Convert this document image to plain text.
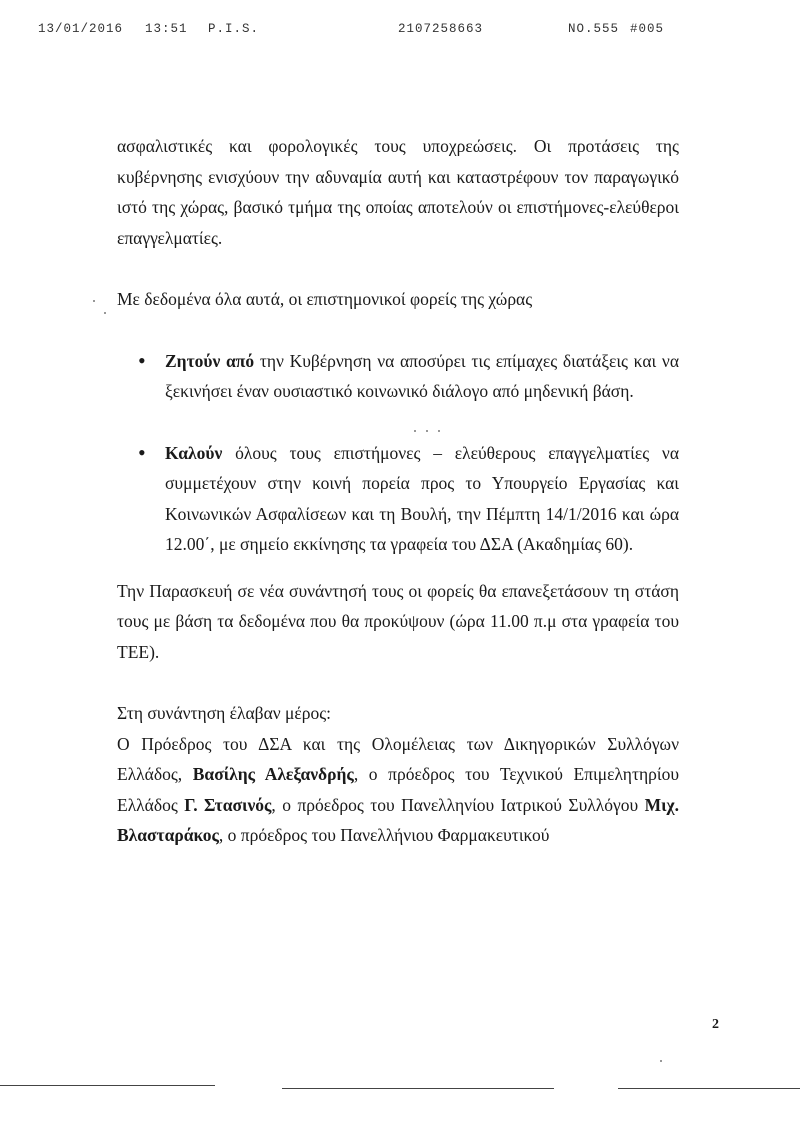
13/01/2016 13:51 P.I.S.	2107258663	NO.555 #005

ασφαλιστικές και φορολογικές τους υποχρεώσεις. Οι προτάσεις της κυβέρνησης ενισχύουν την αδυναμία αυτή και καταστρέφουν τον παραγωγικό ιστό της χώρας, βασικό τμήμα της οποίας αποτελούν οι επιστήμονες-ελεύθεροι επαγγελματίες.

Με δεδομένα όλα αυτά, οι επιστημονικοί φορείς της χώρας

• Ζητούν από την Κυβέρνηση να αποσύρει τις επίμαχες διατάξεις και να ξεκινήσει έναν ουσιαστικό κοινωνικό διάλογο από μηδενική βάση.
• Καλούν όλους τους επιστήμονες – ελεύθερους επαγγελματίες να συμμετέχουν στην κοινή πορεία προς το Υπουργείο Εργασίας και Κοινωνικών Ασφαλίσεων και τη Βουλή, την Πέμπτη 14/1/2016 και ώρα 12.00΄, με σημείο εκκίνησης τα γραφεία του ΔΣΑ (Ακαδημίας 60).

Την Παρασκευή σε νέα συνάντησή τους οι φορείς θα επανεξετάσουν τη στάση τους με βάση τα δεδομένα που θα προκύψουν (ώρα 11.00 π.μ στα γραφεία του ΤΕΕ).

Στη συνάντηση έλαβαν μέρος:

Ο Πρόεδρος του ΔΣΑ και της Ολομέλειας των Δικηγορικών Συλλόγων Ελλάδος, Βασίλης Αλεξανδρής, ο πρόεδρος του Τεχνικού Επιμελητηρίου Ελλάδος Γ. Στασινός, ο πρόεδρος του Πανελληνίου Ιατρικού Συλλόγου Μιχ. Βλασταράκος, ο πρόεδρος του Πανελλήνιου Φαρμακευτικού

2
